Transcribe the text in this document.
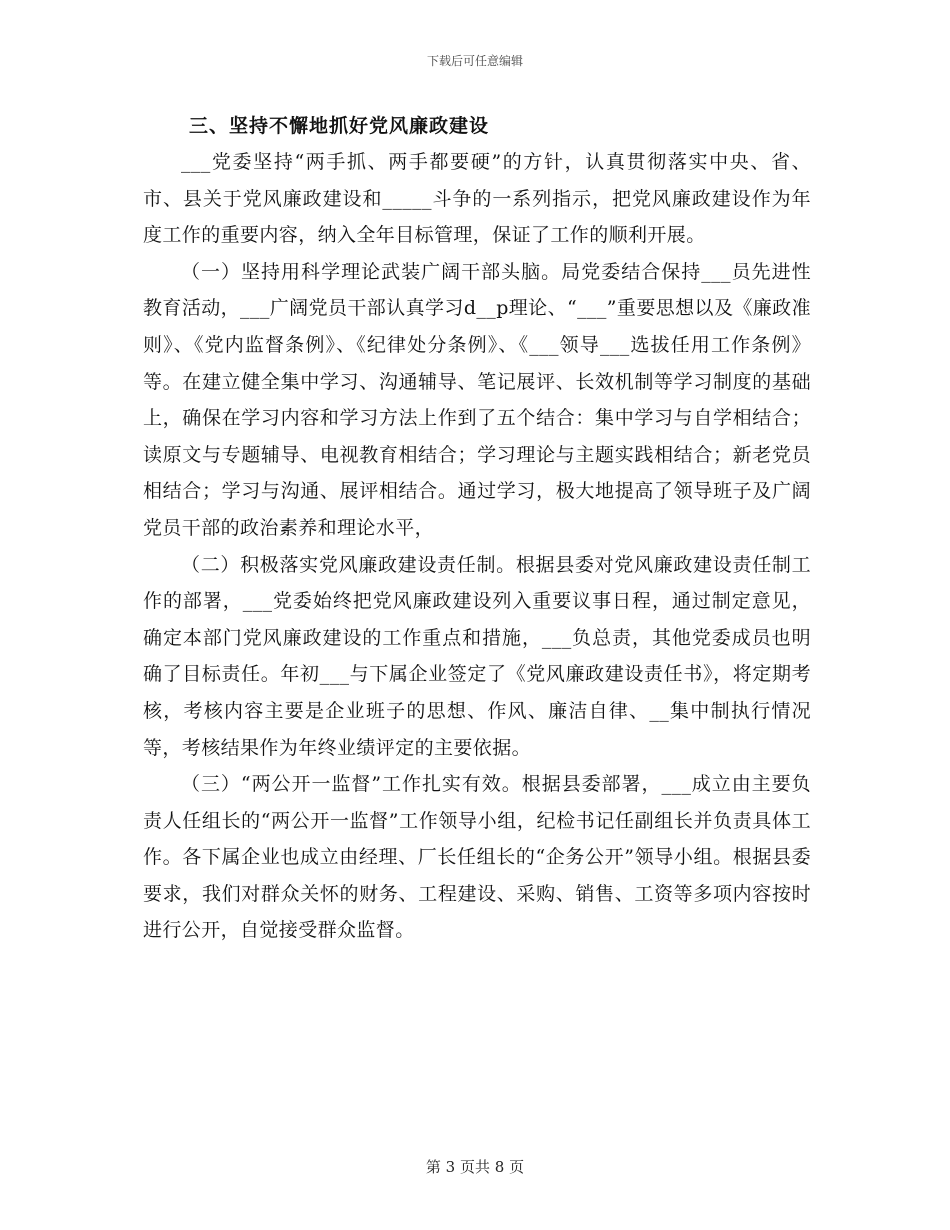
下载后可任意编辑
三、坚持不懈地抓好党风廉政建设

___党委坚持“两手抓、两手都要硬”的方针，认真贯彻落实中央、省、市、县关于党风廉政建设和_____斗争的一系列指示，把党风廉政建设作为年度工作的重要内容，纳入全年目标管理，保证了工作的顺利开展。

（一）坚持用科学理论武装广阔干部头脑。局党委结合保持___员先进性教育活动，___广阔党员干部认真学习d__p理论、“___”重要思想以及《廉政准则》、《党内监督条例》、《纪律处分条例》、《___领导___选拔任用工作条例》等。在建立健全集中学习、沟通辅导、笔记展评、长效机制等学习制度的基础上，确保在学习内容和学习方法上作到了五个结合：集中学习与自学相结合；读原文与专题辅导、电视教育相结合；学习理论与主题实践相结合；新老党员相结合；学习与沟通、展评相结合。通过学习，极大地提高了领导班子及广阔党员干部的政治素养和理论水平，

（二）积极落实党风廉政建设责任制。根据县委对党风廉政建设责任制工作的部署，___党委始终把党风廉政建设列入重要议事日程，通过制定意见，确定本部门党风廉政建设的工作重点和措施，___负总责，其他党委成员也明确了目标责任。年初___与下属企业签定了《党风廉政建设责任书》，将定期考核，考核内容主要是企业班子的思想、作风、廉洁自律、__集中制执行情况等，考核结果作为年终业绩评定的主要依据。

（三）“两公开一监督”工作扎实有效。根据县委部署，___成立由主要负责人任组长的“两公开一监督”工作领导小组，纪检书记任副组长并负责具体工作。各下属企业也成立由经理、厂长任组长的“企务公开”领导小组。根据县委要求，我们对群众关怀的财务、工程建设、采购、销售、工资等多项内容按时进行公开，自觉接受群众监督。

第 3 页共 8 页
